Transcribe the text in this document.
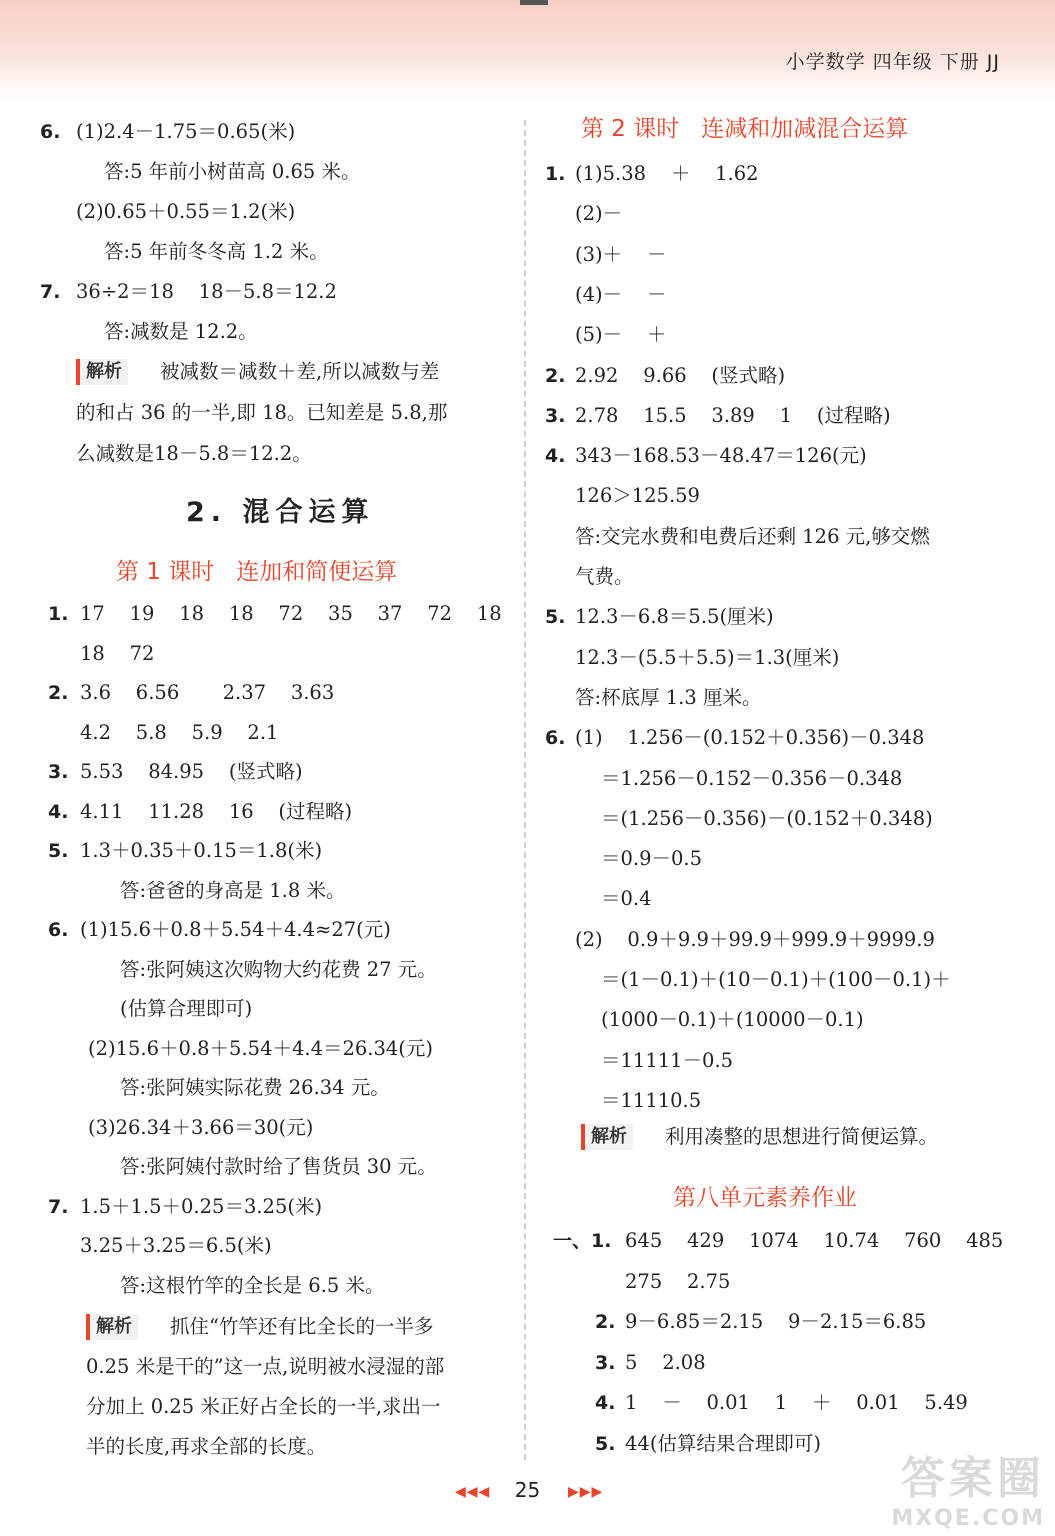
小学数学 四年级 下册 JJ
◀◀◀	25	▶▶▶	答案圈
MXQE.COM
6. (1)2.4－1.75＝0.65(米)
答:5 年前小树苗高 0.65 米。
(2)0.65＋0.55＝1.2(米)
答:5 年前冬冬高 1.2 米。
7. 36÷2＝18    18－5.8＝12.2
答:减数是 12.2。
解析	被减数＝减数＋差,所以减数与差
的和占 36 的一半,即 18。已知差是 5.8,那
么减数是18－5.8＝12.2。
2. 混合运算
第 1 课时   连加和简便运算
1. 17    19    18    18    72    35    37    72    18
18    72
2. 3.6    6.56       2.37    3.63
4.2    5.8    5.9    2.1
3. 5.53    84.95    (竖式略)
4. 4.11    11.28    16    (过程略)
5. 1.3＋0.35＋0.15＝1.8(米)
答:爸爸的身高是 1.8 米。
6. (1)15.6＋0.8＋5.54＋4.4≈27(元)
答:张阿姨这次购物大约花费 27 元。
(估算合理即可)
(2)15.6＋0.8＋5.54＋4.4＝26.34(元)
答:张阿姨实际花费 26.34 元。
(3)26.34＋3.66＝30(元)
答:张阿姨付款时给了售货员 30 元。
7. 1.5＋1.5＋0.25＝3.25(米)
3.25＋3.25＝6.5(米)
答:这根竹竿的全长是 6.5 米。
解析	抓住“竹竿还有比全长的一半多
0.25 米是干的”这一点,说明被水浸湿的部
分加上 0.25 米正好占全长的一半,求出一
半的长度,再求全部的长度。
第 2 课时   连减和加减混合运算
1. (1)5.38    ＋    1.62
(2)－
(3)＋    －
(4)－    －
(5)－    ＋
2. 2.92    9.66    (竖式略)
3. 2.78    15.5    3.89    1    (过程略)
4. 343－168.53－48.47＝126(元)
126＞125.59
答:交完水费和电费后还剩 126 元,够交燃
气费。
5. 12.3－6.8＝5.5(厘米)
12.3－(5.5＋5.5)＝1.3(厘米)
答:杯底厚 1.3 厘米。
6. (1)    1.256－(0.152＋0.356)－0.348
＝1.256－0.152－0.356－0.348
＝(1.256－0.356)－(0.152＋0.348)
＝0.9－0.5
＝0.4
(2)    0.9＋9.9＋99.9＋999.9＋9999.9
＝(1－0.1)＋(10－0.1)＋(100－0.1)＋
(1000－0.1)＋(10000－0.1)
＝11111－0.5
＝11110.5
解析	利用凑整的思想进行简便运算。
第八单元素养作业
一、1. 645    429    1074    10.74    760    485
275    2.75
2. 9－6.85＝2.15    9－2.15＝6.85
3. 5    2.08
4. 1    －    0.01    1    ＋    0.01    5.49
5. 44(估算结果合理即可)
